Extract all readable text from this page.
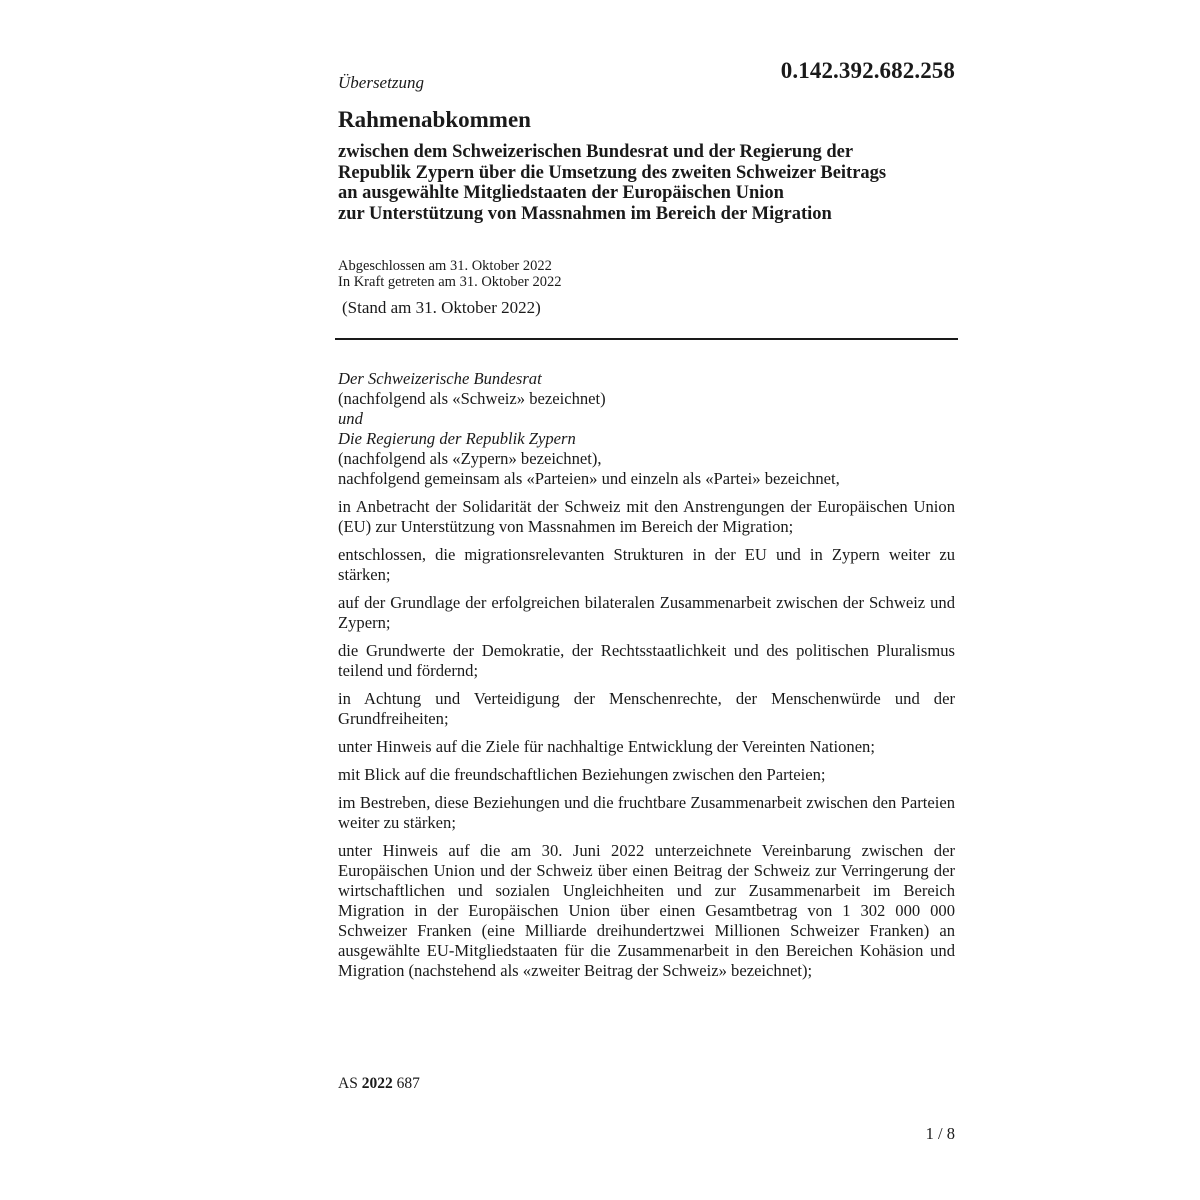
Übersetzung	0.142.392.682.258
Rahmenabkommen
zwischen dem Schweizerischen Bundesrat und der Regierung der
Republik Zypern über die Umsetzung des zweiten Schweizer Beitrags
an ausgewählte Mitgliedstaaten der Europäischen Union
zur Unterstützung von Massnahmen im Bereich der Migration
Abgeschlossen am 31. Oktober 2022
In Kraft getreten am 31. Oktober 2022
(Stand am 31. Oktober 2022)
Der Schweizerische Bundesrat
(nachfolgend als «Schweiz» bezeichnet)
und
Die Regierung der Republik Zypern
(nachfolgend als «Zypern» bezeichnet),
nachfolgend gemeinsam als «Parteien» und einzeln als «Partei» bezeichnet,

in Anbetracht der Solidarität der Schweiz mit den Anstrengungen der Europäischen Union (EU) zur Unterstützung von Massnahmen im Bereich der Migration;

entschlossen, die migrationsrelevanten Strukturen in der EU und in Zypern weiter zu stärken;

auf der Grundlage der erfolgreichen bilateralen Zusammenarbeit zwischen der Schweiz und Zypern;

die Grundwerte der Demokratie, der Rechtsstaatlichkeit und des politischen Pluralismus teilend und fördernd;

in Achtung und Verteidigung der Menschenrechte, der Menschenwürde und der Grundfreiheiten;

unter Hinweis auf die Ziele für nachhaltige Entwicklung der Vereinten Nationen;

mit Blick auf die freundschaftlichen Beziehungen zwischen den Parteien;

im Bestreben, diese Beziehungen und die fruchtbare Zusammenarbeit zwischen den Parteien weiter zu stärken;

unter Hinweis auf die am 30. Juni 2022 unterzeichnete Vereinbarung zwischen der Europäischen Union und der Schweiz über einen Beitrag der Schweiz zur Verringerung der wirtschaftlichen und sozialen Ungleichheiten und zur Zusammenarbeit im Bereich Migration in der Europäischen Union über einen Gesamtbetrag von 1 302 000 000 Schweizer Franken (eine Milliarde dreihundertzwei Millionen Schweizer Franken) an ausgewählte EU-Mitgliedstaaten für die Zusammenarbeit in den Bereichen Kohäsion und Migration (nachstehend als «zweiter Beitrag der Schweiz» bezeichnet);

AS 2022 687
1 / 8
